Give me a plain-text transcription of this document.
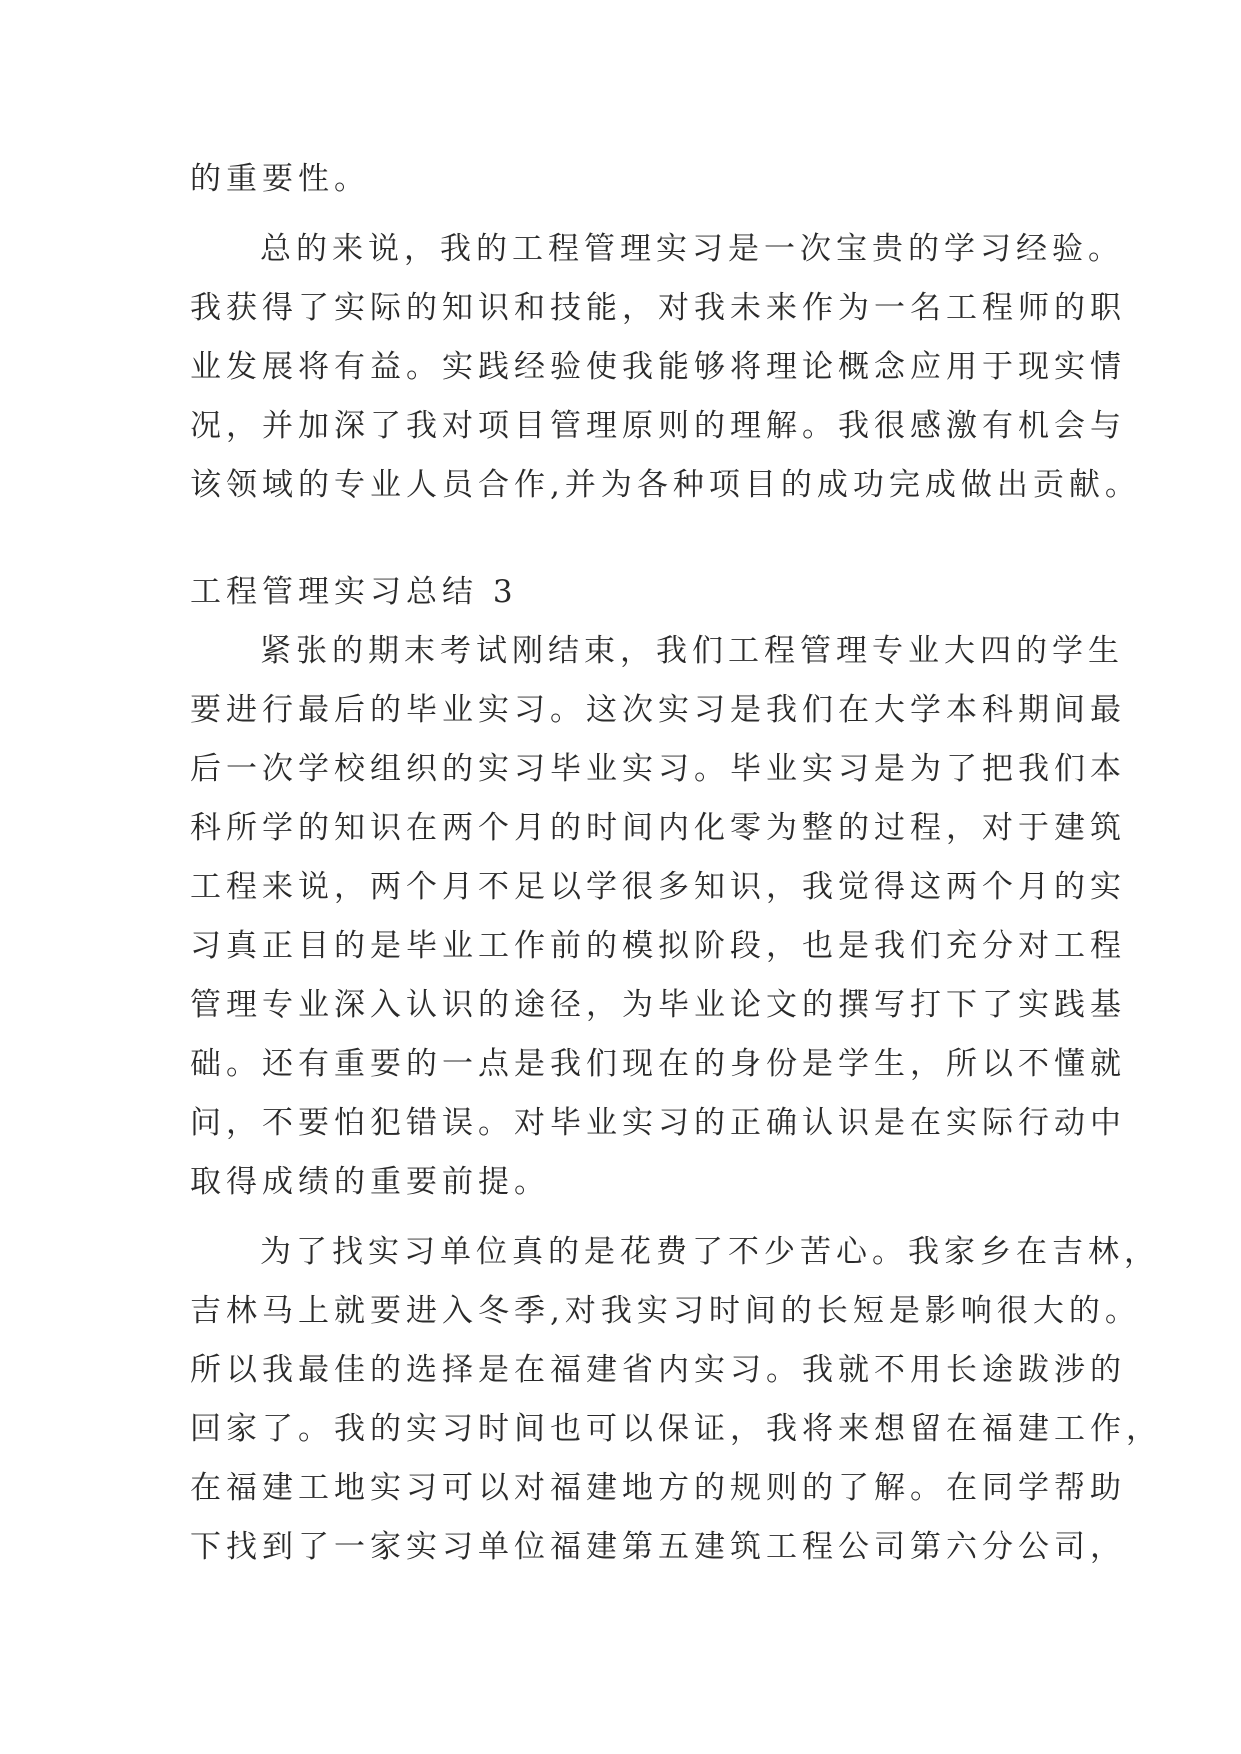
的重要性。
总的来说，我的工程管理实习是一次宝贵的学习经验。
我获得了实际的知识和技能，对我未来作为一名工程师的职
业发展将有益。实践经验使我能够将理论概念应用于现实情
况，并加深了我对项目管理原则的理解。我很感激有机会与
该领域的专业人员合作,并为各种项目的成功完成做出贡献。
工程管理实习总结 3
紧张的期末考试刚结束，我们工程管理专业大四的学生
要进行最后的毕业实习。这次实习是我们在大学本科期间最
后一次学校组织的实习毕业实习。毕业实习是为了把我们本
科所学的知识在两个月的时间内化零为整的过程，对于建筑
工程来说，两个月不足以学很多知识，我觉得这两个月的实
习真正目的是毕业工作前的模拟阶段，也是我们充分对工程
管理专业深入认识的途径，为毕业论文的撰写打下了实践基
础。还有重要的一点是我们现在的身份是学生，所以不懂就
问，不要怕犯错误。对毕业实习的正确认识是在实际行动中
取得成绩的重要前提。
为了找实习单位真的是花费了不少苦心。我家乡在吉林，
吉林马上就要进入冬季,对我实习时间的长短是影响很大的。
所以我最佳的选择是在福建省内实习。我就不用长途跋涉的
回家了。我的实习时间也可以保证，我将来想留在福建工作，
在福建工地实习可以对福建地方的规则的了解。在同学帮助
下找到了一家实习单位福建第五建筑工程公司第六分公司，
